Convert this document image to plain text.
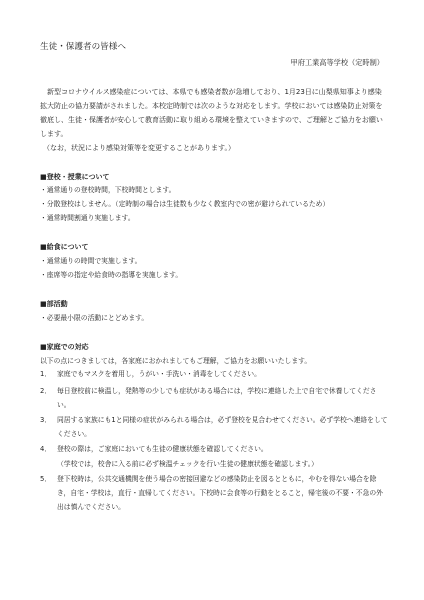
生徒・保護者の皆様へ
甲府工業高等学校（定時制）
新型コロナウイルス感染症については、本県でも感染者数が急増しており、1月23日に山梨県知事より感染拡大防止の協力要請がされました。本校定時制では次のような対応をします。学校においては感染防止対策を徹底し、生徒・保護者が安心して教育活動に取り組める環境を整えていきますので、ご理解とご協力をお願いします。
（なお，状況により感染対策等を変更することがあります。）
■登校・授業について
・通常通りの登校時間，下校時間とします。
・分散登校はしません。（定時制の場合は生徒数も少なく教室内での密が避けられているため）
・通常時間割通り実施します。
■給食について
・通常通りの時間で実施します。
・座席等の指定や給食時の指導を実施します。
■部活動
・必要最小限の活動にとどめます。
■家庭での対応
以下の点につきましては，各家庭におかれましてもご理解，ご協力をお願いいたします。
1． 家庭でもマスクを着用し，うがい・手洗い・消毒をしてください。
2． 毎日登校前に検温し，発熱等の少しでも症状がある場合には，学校に連絡した上で自宅で休養してください。
3． 同居する家族にも1と同様の症状がみられる場合は，必ず登校を見合わせてください。必ず学校へ連絡をしてください。
4． 登校の際は，ご家庭においても生徒の健康状態を確認してください。
（学校では，校舎に入る前に必ず検温チェックを行い生徒の健康状態を確認します。）
5． 登下校時は，公共交通機関を使う場合の密接回避などの感染防止を図るとともに，やむを得ない場合を除き，自宅・学校は，直行・直帰してください。下校時に会食等の行動をとること，帰宅後の不要・不急の外出は慎んでください。
